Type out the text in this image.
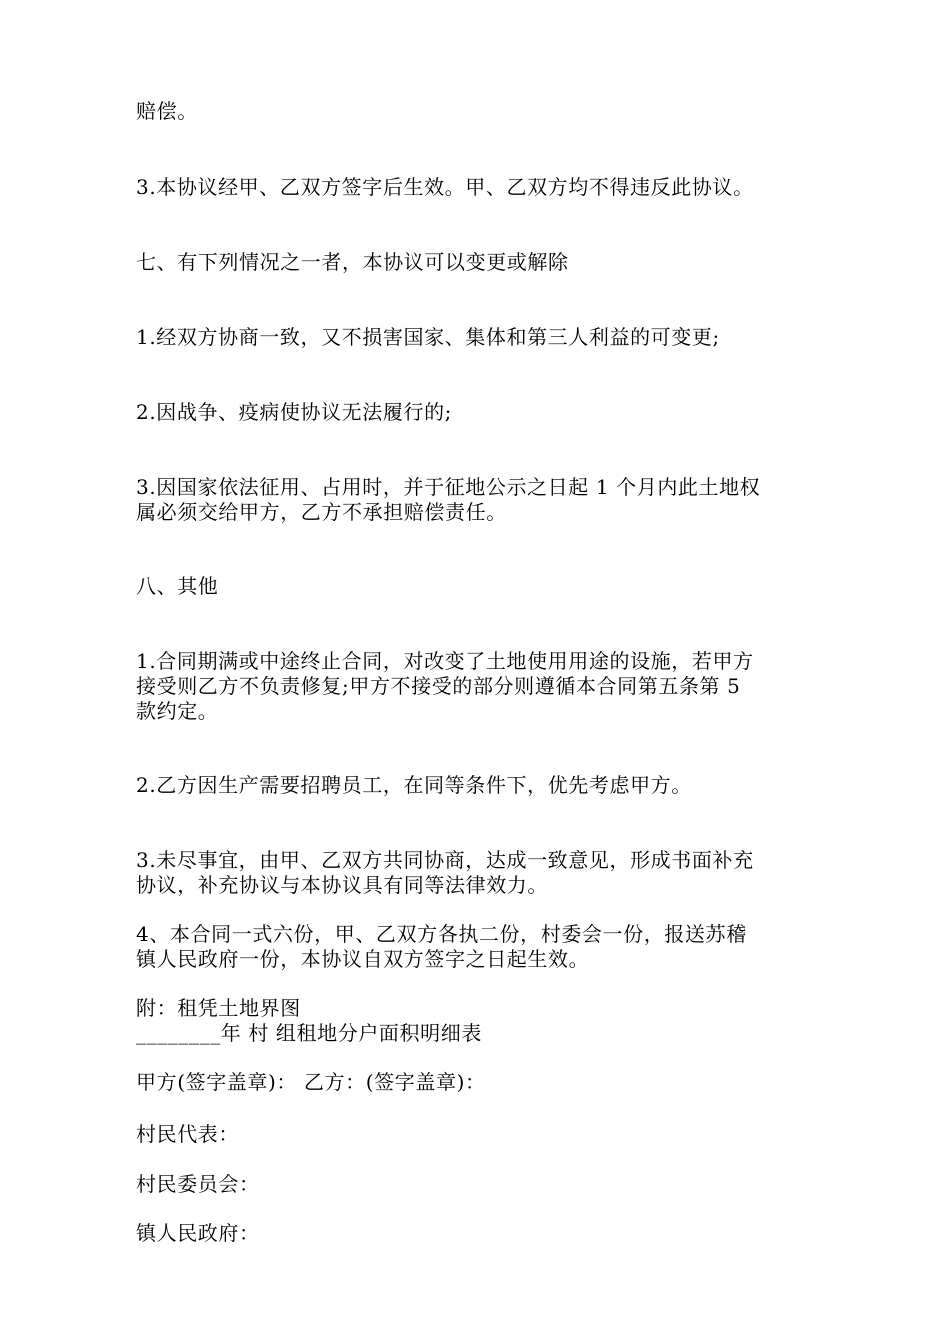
赔偿。
3.本协议经甲、乙双方签字后生效。甲、乙双方均不得违反此协议。
七、有下列情况之一者，本协议可以变更或解除
1.经双方协商一致，又不损害国家、集体和第三人利益的可变更;
2.因战争、疫病使协议无法履行的;
3.因国家依法征用、占用时，并于征地公示之日起 1 个月内此土地权
属必须交给甲方，乙方不承担赔偿责任。
八、其他
1.合同期满或中途终止合同，对改变了土地使用用途的设施，若甲方
接受则乙方不负责修复;甲方不接受的部分则遵循本合同第五条第 5
款约定。
2.乙方因生产需要招聘员工，在同等条件下，优先考虑甲方。
3.未尽事宜，由甲、乙双方共同协商，达成一致意见，形成书面补充
协议，补充协议与本协议具有同等法律效力。
4、本合同一式六份，甲、乙双方各执二份，村委会一份，报送苏稽
镇人民政府一份，本协议自双方签字之日起生效。
附：租凭土地界图
________年 村 组租地分户面积明细表
甲方(签字盖章)： 乙方：(签字盖章)：
村民代表：
村民委员会：
镇人民政府：
